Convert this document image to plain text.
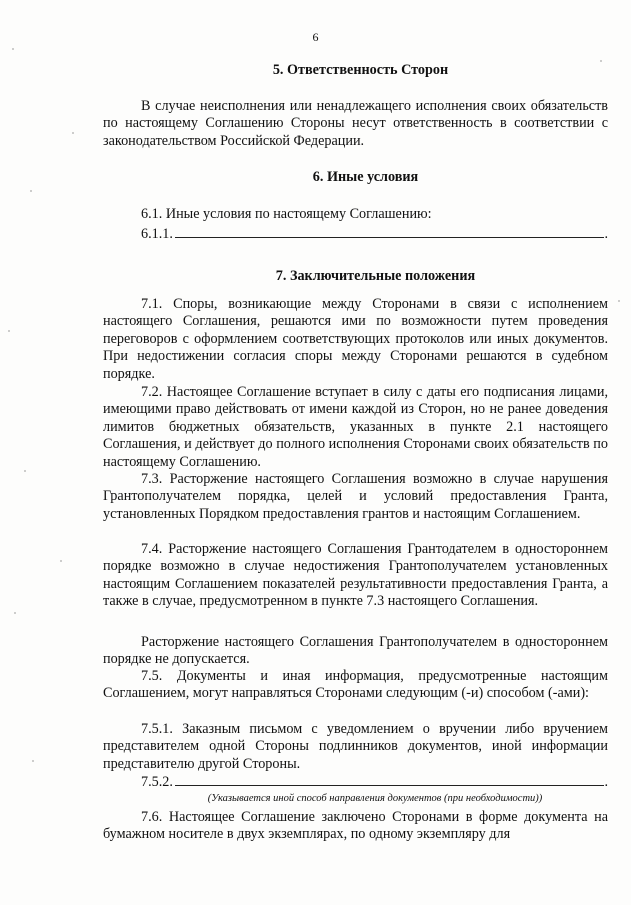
6
5. Ответственность Сторон
В случае неисполнения или ненадлежащего исполнения своих обязательств по настоящему Соглашению Стороны несут ответственность в соответствии с законодательством Российской Федерации.
6. Иные условия
6.1. Иные условия по настоящему Соглашению:
6.1.1.	.
7. Заключительные положения
7.1. Споры, возникающие между Сторонами в связи с исполнением настоящего Соглашения, решаются ими по возможности путем проведения переговоров с оформлением соответствующих протоколов или иных документов. При недостижении согласия споры между Сторонами решаются в судебном порядке.
7.2. Настоящее Соглашение вступает в силу с даты его подписания лицами, имеющими право действовать от имени каждой из Сторон, но не ранее доведения лимитов бюджетных обязательств, указанных в пункте 2.1 настоящего Соглашения, и действует до полного исполнения Сторонами своих обязательств по настоящему Соглашению.
7.3. Расторжение настоящего Соглашения возможно в случае нарушения Грантополучателем порядка, целей и условий предоставления Гранта, установленных Порядком предоставления грантов и настоящим Соглашением.
7.4. Расторжение настоящего Соглашения Грантодателем в одностороннем порядке возможно в случае недостижения Грантополучателем установленных настоящим Соглашением показателей результативности предоставления Гранта, а также в случае, предусмотренном в пункте 7.3 настоящего Соглашения.
Расторжение настоящего Соглашения Грантополучателем в одностороннем порядке не допускается.
7.5. Документы и иная информация, предусмотренные настоящим Соглашением, могут направляться Сторонами следующим (-и) способом (-ами):
7.5.1. Заказным письмом с уведомлением о вручении либо вручением представителем одной Стороны подлинников документов, иной информации представителю другой Стороны.
7.5.2.	.
(Указывается иной способ направления документов (при необходимости))
7.6. Настоящее Соглашение заключено Сторонами в форме документа на бумажном носителе в двух экземплярах, по одному экземпляру для
